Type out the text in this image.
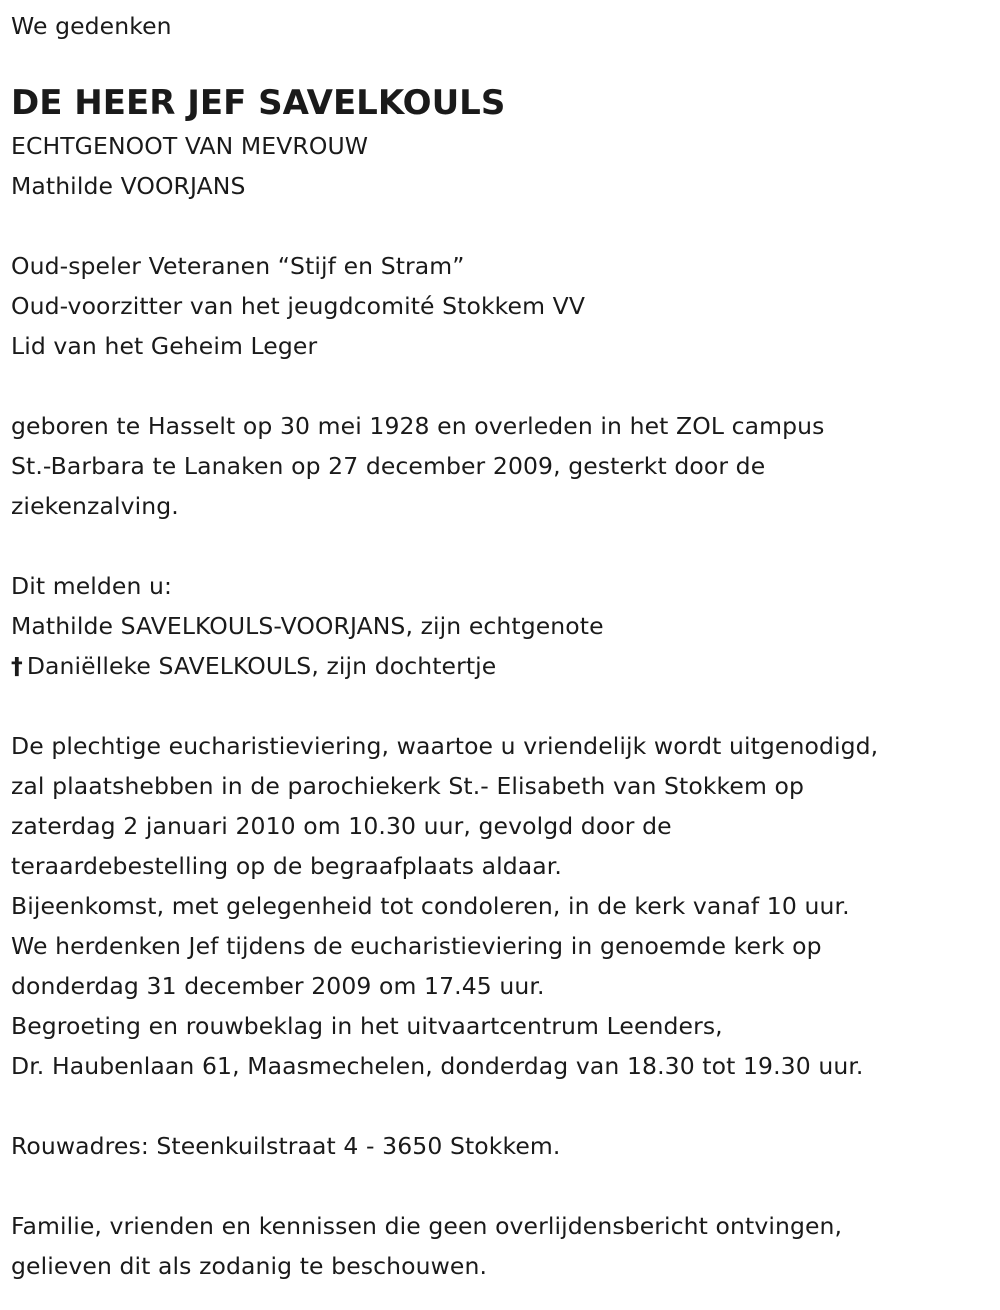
We gedenken
DE HEER JEF SAVELKOULS
ECHTGENOOT VAN MEVROUW
Mathilde VOORJANS
Oud-speler Veteranen “Stijf en Stram”
Oud-voorzitter van het jeugdcomité Stokkem VV
Lid van het Geheim Leger
geboren te Hasselt op 30 mei 1928 en overleden in het ZOL campus
St.-Barbara te Lanaken op 27 december 2009, gesterkt door de
ziekenzalving.
Dit melden u:
Mathilde SAVELKOULS-VOORJANS, zijn echtgenote
† Daniëlleke SAVELKOULS, zijn dochtertje
De plechtige eucharistieviering, waartoe u vriendelijk wordt uitgenodigd,
zal plaatshebben in de parochiekerk St.- Elisabeth van Stokkem op
zaterdag 2 januari 2010 om 10.30 uur, gevolgd door de
teraardebestelling op de begraafplaats aldaar.
Bijeenkomst, met gelegenheid tot condoleren, in de kerk vanaf 10 uur.
We herdenken Jef tijdens de eucharistieviering in genoemde kerk op
donderdag 31 december 2009 om 17.45 uur.
Begroeting en rouwbeklag in het uitvaartcentrum Leenders,
Dr. Haubenlaan 61, Maasmechelen, donderdag van 18.30 tot 19.30 uur.
Rouwadres: Steenkuilstraat 4 - 3650 Stokkem.
Familie, vrienden en kennissen die geen overlijdensbericht ontvingen,
gelieven dit als zodanig te beschouwen.
